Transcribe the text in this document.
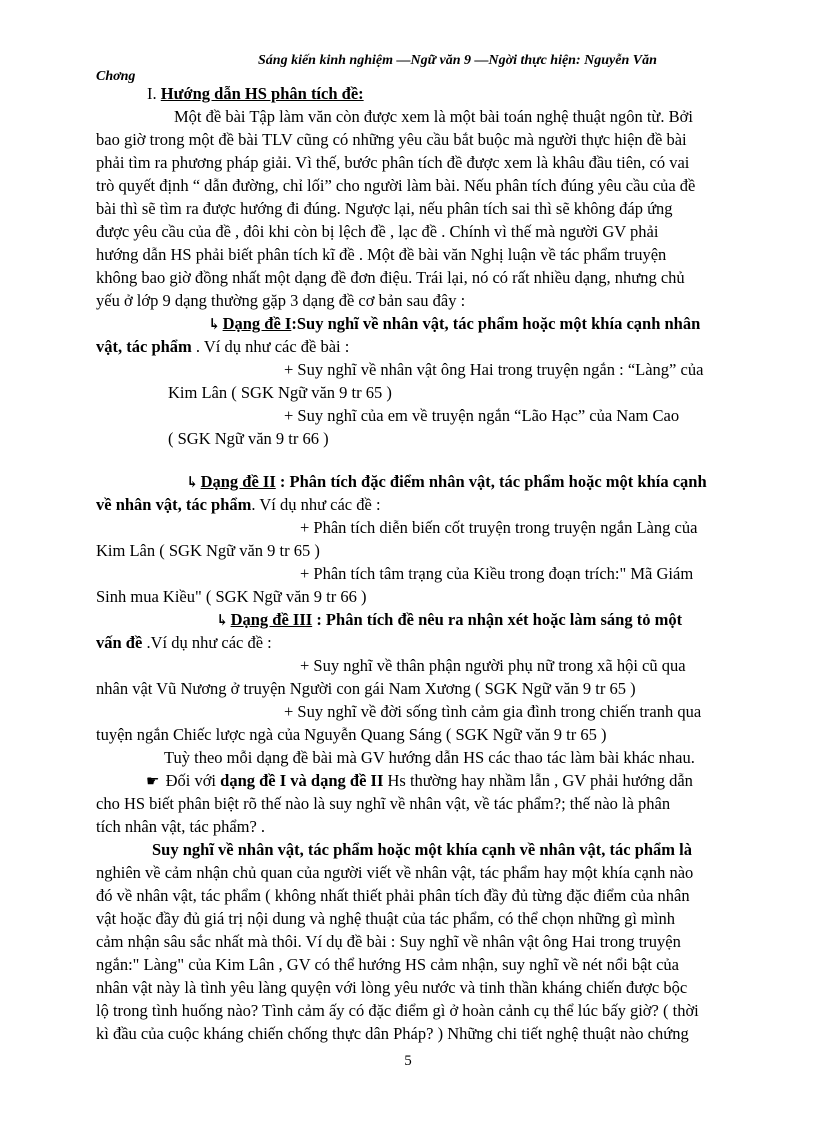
Sáng kiến kinh nghiệm —Ngữ văn 9 —Ngời thực hiện: Nguyễn Văn
Chơng
I. Hướng dẫn HS phân tích đề:
Một đề bài Tập làm văn còn được xem là một bài toán nghệ thuật ngôn từ. Bởi
bao giờ trong một đề bài TLV cũng có những yêu cầu bắt buộc mà người thực hiện đề bài
phải tìm ra phương pháp giải. Vì thế, bước phân tích đề được xem là khâu đầu tiên, có vai
trò quyết định “ dẫn đường, chỉ lối” cho người làm bài. Nếu phân tích đúng yêu cầu của đề
bài thì sẽ tìm ra được hướng đi đúng. Ngược lại, nếu phân tích sai thì sẽ không đáp ứng
được yêu cầu của đề , đôi khi còn bị lệch đề , lạc đề . Chính vì thế mà người GV phải
hướng dẫn HS phải biết phân tích kĩ đề . Một đề bài văn Nghị luận về tác phẩm truyện
không bao giờ đồng nhất một dạng đề đơn điệu. Trái lại, nó có rất nhiều dạng, nhưng chủ
yếu ở lớp 9 dạng thường gặp 3 dạng đề cơ bản sau đây :
↳ Dạng đề I:Suy nghĩ về nhân vật, tác phẩm hoặc một khía cạnh nhân
vật, tác phẩm . Ví dụ như các đề bài :
+ Suy nghĩ về nhân vật ông Hai trong truyện ngắn : “Làng” của
Kim Lân ( SGK Ngữ văn 9 tr 65 )
+ Suy nghĩ của em về truyện ngắn “Lão Hạc” của Nam Cao
( SGK Ngữ văn 9 tr 66 )
↳ Dạng đề II : Phân tích đặc điểm nhân vật, tác phẩm hoặc một khía cạnh
về nhân vật, tác phẩm. Ví dụ như các đề :
+ Phân tích diễn biến cốt truyện trong truyện ngắn Làng của
Kim Lân ( SGK Ngữ văn 9 tr 65 )
+ Phân tích tâm trạng của Kiều trong đoạn trích:" Mã Giám
Sinh mua Kiều" ( SGK Ngữ văn 9 tr 66 )
↳ Dạng đề III : Phân tích đề nêu ra nhận xét hoặc làm sáng tỏ một
vấn đề .Ví dụ như các đề :
+ Suy nghĩ về thân phận người phụ nữ trong xã hội cũ qua
nhân vật Vũ Nương ở truyện Người con gái Nam Xương ( SGK Ngữ văn 9 tr 65 )
+ Suy nghĩ về đời sống tình cảm gia đình trong chiến tranh qua
tuyện ngắn Chiếc lược ngà của Nguyễn Quang Sáng ( SGK Ngữ văn 9 tr 65 )
Tuỳ theo mỗi dạng đề bài mà GV hướng dẫn HS các thao tác làm bài khác nhau.
☛ Đối với dạng đề I và dạng đề II Hs thường hay nhầm lẫn , GV phải hướng dẫn
cho HS biết phân biệt rõ thế nào là suy nghĩ về nhân vật, về tác phẩm?; thế nào là phân
tích nhân vật, tác phẩm? .
Suy nghĩ về nhân vật, tác phẩm hoặc một khía cạnh về nhân vật, tác phẩm là
nghiên về cảm nhận chủ quan của người viết về nhân vật, tác phẩm hay một khía cạnh nào
đó về nhân vật, tác phẩm ( không nhất thiết phải phân tích đầy đủ từng đặc điểm của nhân
vật hoặc đầy đủ giá trị nội dung và nghệ thuật của tác phẩm, có thể chọn những gì mình
cảm nhận sâu sắc nhất mà thôi. Ví dụ đề bài : Suy nghĩ về nhân vật ông Hai trong truyện
ngắn:" Làng" của Kim Lân , GV có thể hướng HS cảm nhận, suy nghĩ về nét nổi bật của
nhân vật này là tình yêu làng quyện với lòng yêu nước và tinh thần kháng chiến được bộc
lộ trong tình huống nào? Tình cảm ấy có đặc điểm gì ở hoàn cảnh cụ thể lúc bấy giờ? ( thời
kì đầu của cuộc kháng chiến chống thực dân Pháp? ) Những chi tiết nghệ thuật nào chứng
5
